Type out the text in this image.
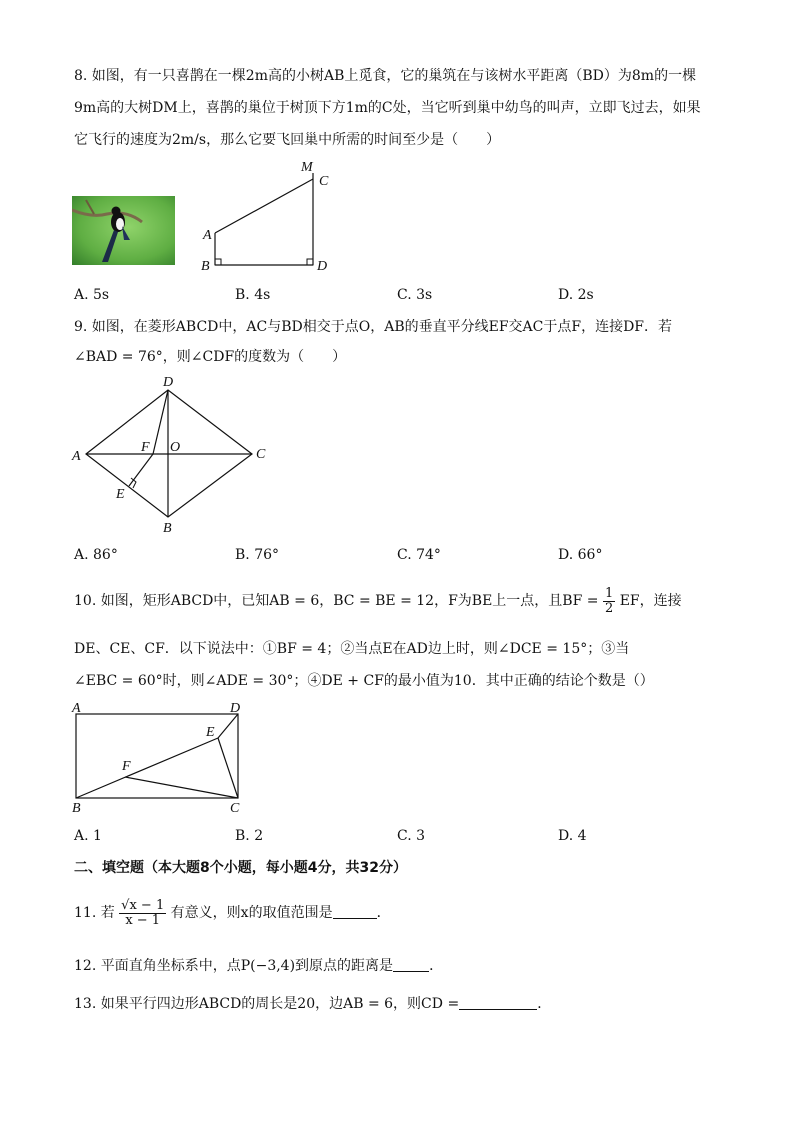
8. 如图，有一只喜鹊在一棵2m高的小树AB上觅食，它的巢筑在与该树水平距离（BD）为8m的一棵
9m高的大树DM上，喜鹊的巢位于树顶下方1m的C处，当它听到巢中幼鸟的叫声，立即飞过去，如果
它飞行的速度为2m/s，那么它要飞回巢中所需的时间至少是（　　）
M
C
A
B	D
A. 5s	B. 4s	C. 3s	D. 2s
9. 如图，在菱形ABCD中，AC与BD相交于点O，AB的垂直平分线EF交AC于点F，连接DF．若
∠BAD = 76°，则∠CDF的度数为（　　）
D
A	C
B
F O
E
A. 86°	B. 76°	C. 74°	D. 66°
10. 如图，矩形ABCD中，已知AB = 6，BC = BE = 12，F为BE上一点，且BF = $\frac{1}{2}$ EF，连接
DE、CE、CF．以下说法中：①BF = 4；②当点E在AD边上时，则∠DCE = 15°；③当
∠EBC = 60°时，则∠ADE = 30°；④DE + CF的最小值为10．其中正确的结论个数是（）
A	D
E
F
B	C
A. 1	B. 2	C. 3	D. 4
二、填空题（本大题8个小题，每小题4分，共32分）
11. 若 $\frac{√x - 1}{x - 1}$ 有意义，则x的取值范围是	．
12. 平面直角坐标系中，点P(−3,4)到原点的距离是	．
13. 如果平行四边形ABCD的周长是20，边AB = 6，则CD =	．
